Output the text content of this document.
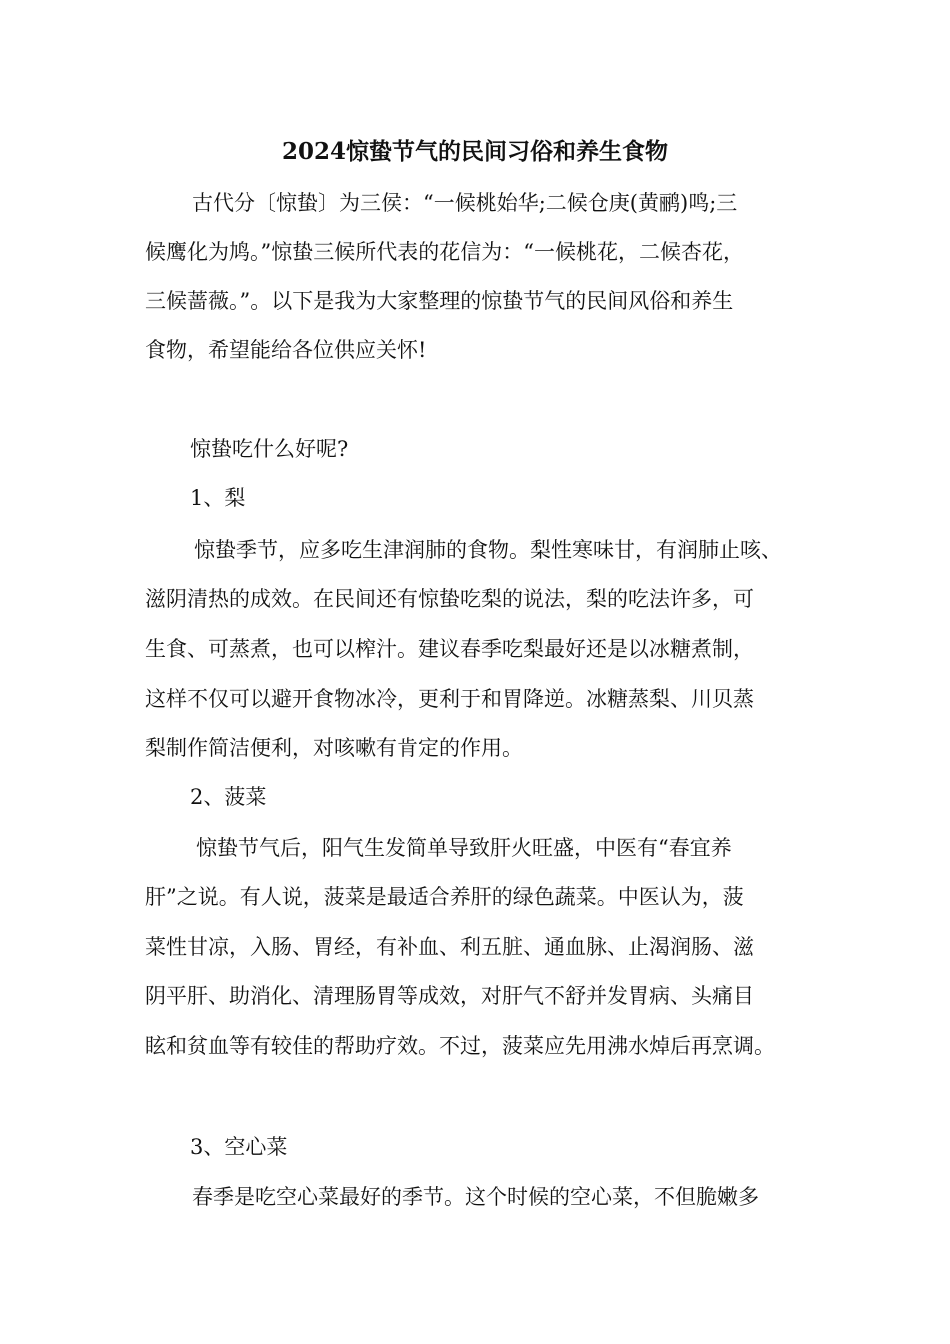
2024惊蛰节气的民间习俗和养生食物
古代分〔惊蛰〕为三侯：“一候桃始华;二候仓庚(黄鹂)鸣;三
候鹰化为鸠。”惊蛰三候所代表的花信为：“一候桃花，二候杏花，
三候蔷薇。”。以下是我为大家整理的惊蛰节气的民间风俗和养生
食物，希望能给各位供应关怀!
惊蛰吃什么好呢?
1、梨
惊蛰季节，应多吃生津润肺的食物。梨性寒味甘，有润肺止咳、
滋阴清热的成效。在民间还有惊蛰吃梨的说法，梨的吃法许多，可
生食、可蒸煮，也可以榨汁。建议春季吃梨最好还是以冰糖煮制，
这样不仅可以避开食物冰冷，更利于和胃降逆。冰糖蒸梨、川贝蒸
梨制作简洁便利，对咳嗽有肯定的作用。
2、菠菜
惊蛰节气后，阳气生发简单导致肝火旺盛，中医有“春宜养
肝”之说。有人说，菠菜是最适合养肝的绿色蔬菜。中医认为，菠
菜性甘凉，入肠、胃经，有补血、利五脏、通血脉、止渴润肠、滋
阴平肝、助消化、清理肠胃等成效，对肝气不舒并发胃病、头痛目
眩和贫血等有较佳的帮助疗效。不过，菠菜应先用沸水焯后再烹调。
3、空心菜
春季是吃空心菜最好的季节。这个时候的空心菜，不但脆嫩多
